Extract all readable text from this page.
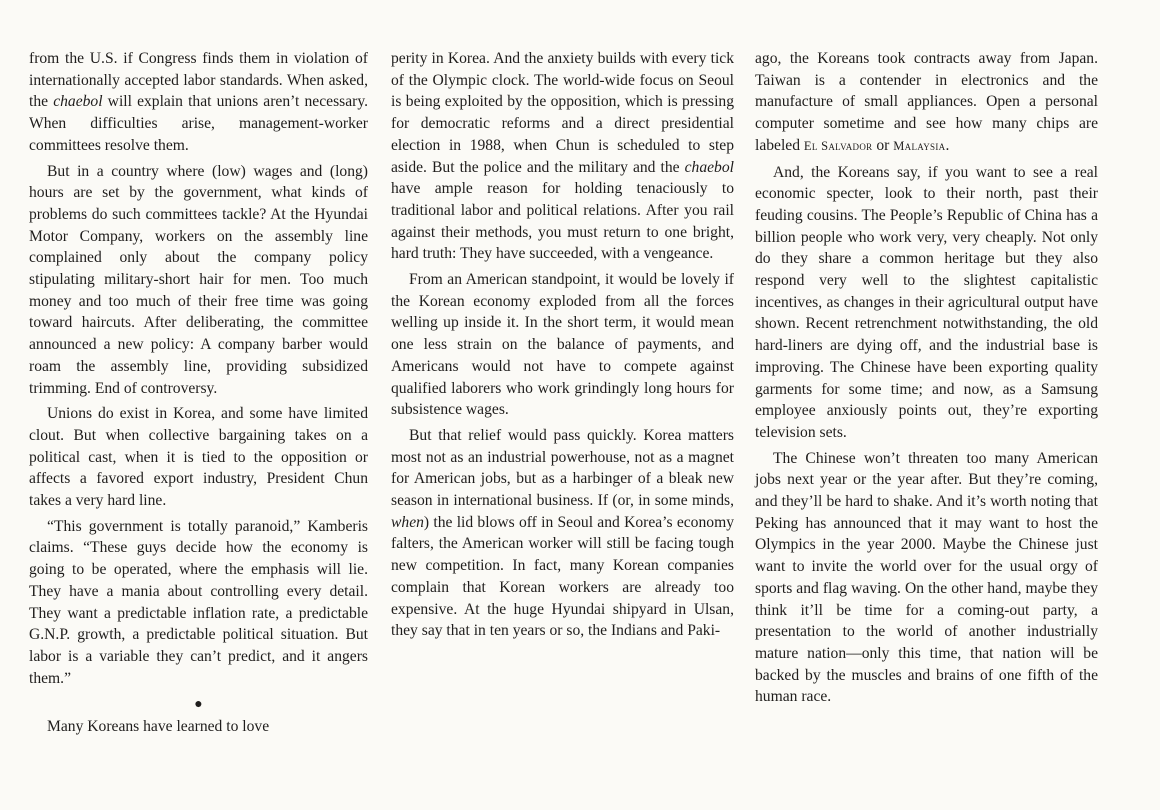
from the U.S. if Congress finds them in violation of internationally accepted labor standards. When asked, the chaebol will explain that unions aren’t necessary. When difficulties arise, management-worker committees resolve them.

But in a country where (low) wages and (long) hours are set by the government, what kinds of problems do such committees tackle? At the Hyundai Motor Company, workers on the assembly line complained only about the company policy stipulating military-short hair for men. Too much money and too much of their free time was going toward haircuts. After deliberating, the committee announced a new policy: A company barber would roam the assembly line, providing subsidized trimming. End of controversy.

Unions do exist in Korea, and some have limited clout. But when collective bargaining takes on a political cast, when it is tied to the opposition or affects a favored export industry, President Chun takes a very hard line.

“This government is totally paranoid,” Kamberis claims. “These guys decide how the economy is going to be operated, where the emphasis will lie. They have a mania about controlling every detail. They want a predictable inflation rate, a predictable G.N.P. growth, a predictable political situation. But labor is a variable they can’t predict, and it angers them.”

●

Many Koreans have learned to love

perity in Korea. And the anxiety builds with every tick of the Olympic clock. The world-wide focus on Seoul is being exploited by the opposition, which is pressing for democratic reforms and a direct presidential election in 1988, when Chun is scheduled to step aside. But the police and the military and the chaebol have ample reason for holding tenaciously to traditional labor and political relations. After you rail against their methods, you must return to one bright, hard truth: They have succeeded, with a vengeance.

From an American standpoint, it would be lovely if the Korean economy exploded from all the forces welling up inside it. In the short term, it would mean one less strain on the balance of payments, and Americans would not have to compete against qualified laborers who work grindingly long hours for subsistence wages.

But that relief would pass quickly. Korea matters most not as an industrial powerhouse, not as a magnet for American jobs, but as a harbinger of a bleak new season in international business. If (or, in some minds, when) the lid blows off in Seoul and Korea’s economy falters, the American worker will still be facing tough new competition. In fact, many Korean companies complain that Korean workers are already too expensive. At the huge Hyundai shipyard in Ulsan, they say that in ten years or so, the Indians and Paki-

ago, the Koreans took contracts away from Japan. Taiwan is a contender in electronics and the manufacture of small appliances. Open a personal computer sometime and see how many chips are labeled El Salvador or Malaysia.

And, the Koreans say, if you want to see a real economic specter, look to their north, past their feuding cousins. The People’s Republic of China has a billion people who work very, very cheaply. Not only do they share a common heritage but they also respond very well to the slightest capitalistic incentives, as changes in their agricultural output have shown. Recent retrenchment notwithstanding, the old hard-liners are dying off, and the industrial base is improving. The Chinese have been exporting quality garments for some time; and now, as a Samsung employee anxiously points out, they’re exporting television sets.

The Chinese won’t threaten too many American jobs next year or the year after. But they’re coming, and they’ll be hard to shake. And it’s worth noting that Peking has announced that it may want to host the Olympics in the year 2000. Maybe the Chinese just want to invite the world over for the usual orgy of sports and flag waving. On the other hand, maybe they think it’ll be time for a coming-out party, a presentation to the world of another industrially mature nation—only this time, that nation will be backed by the muscles and brains of one fifth of the human race.
